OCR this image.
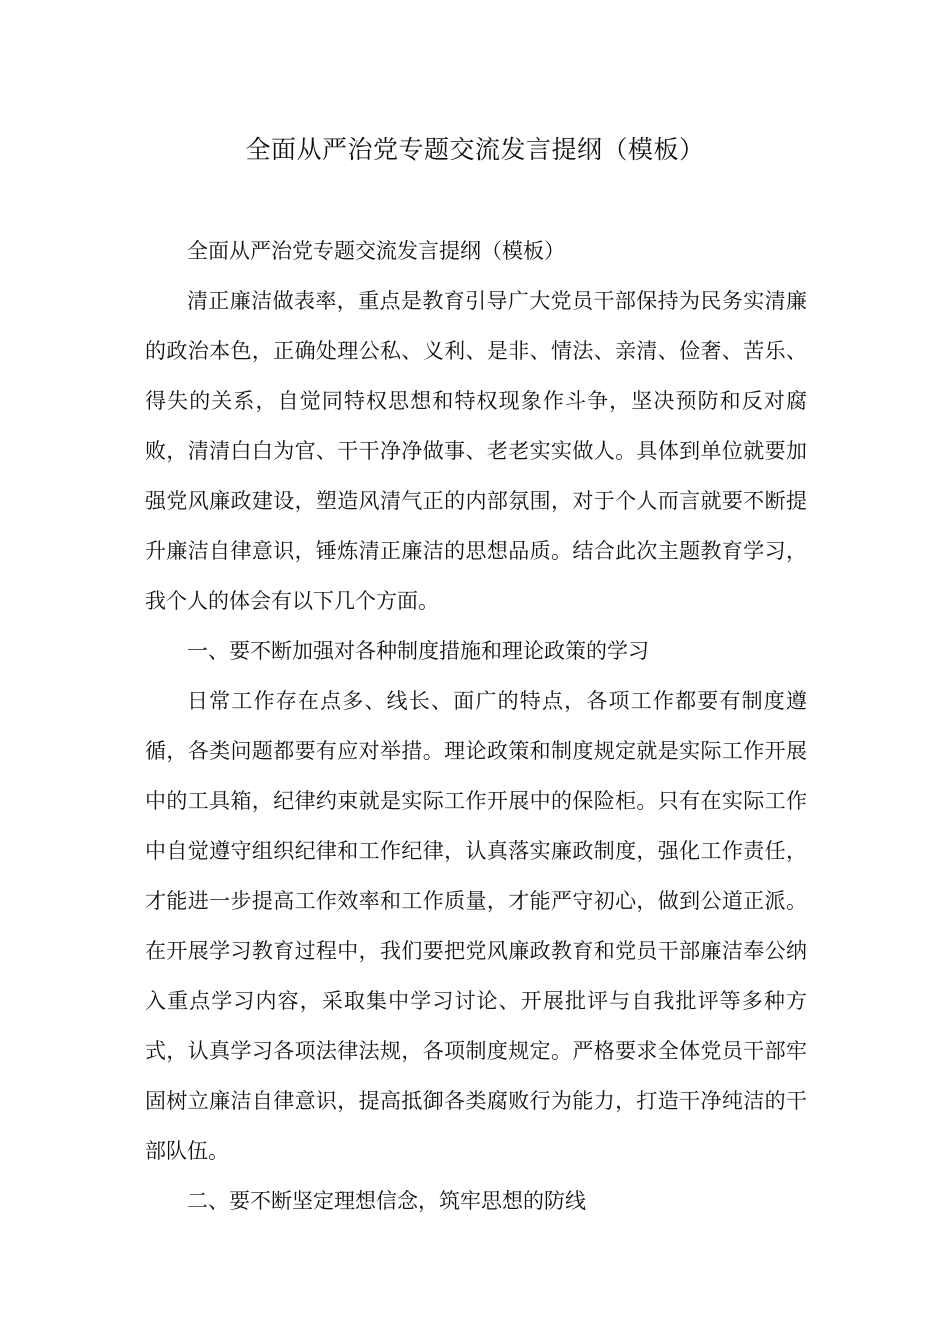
全面从严治党专题交流发言提纲（模板）

全面从严治党专题交流发言提纲（模板）

清正廉洁做表率，重点是教育引导广大党员干部保持为民务实清廉的政治本色，正确处理公私、义利、是非、情法、亲清、俭奢、苦乐、得失的关系，自觉同特权思想和特权现象作斗争，坚决预防和反对腐败，清清白白为官、干干净净做事、老老实实做人。具体到单位就要加强党风廉政建设，塑造风清气正的内部氛围，对于个人而言就要不断提升廉洁自律意识，锤炼清正廉洁的思想品质。结合此次主题教育学习，我个人的体会有以下几个方面。

一、要不断加强对各种制度措施和理论政策的学习

日常工作存在点多、线长、面广的特点，各项工作都要有制度遵循，各类问题都要有应对举措。理论政策和制度规定就是实际工作开展中的工具箱，纪律约束就是实际工作开展中的保险柜。只有在实际工作中自觉遵守组织纪律和工作纪律，认真落实廉政制度，强化工作责任，才能进一步提高工作效率和工作质量，才能严守初心，做到公道正派。在开展学习教育过程中，我们要把党风廉政教育和党员干部廉洁奉公纳入重点学习内容，采取集中学习讨论、开展批评与自我批评等多种方式，认真学习各项法律法规，各项制度规定。严格要求全体党员干部牢固树立廉洁自律意识，提高抵御各类腐败行为能力，打造干净纯洁的干部队伍。

二、要不断坚定理想信念，筑牢思想的防线
